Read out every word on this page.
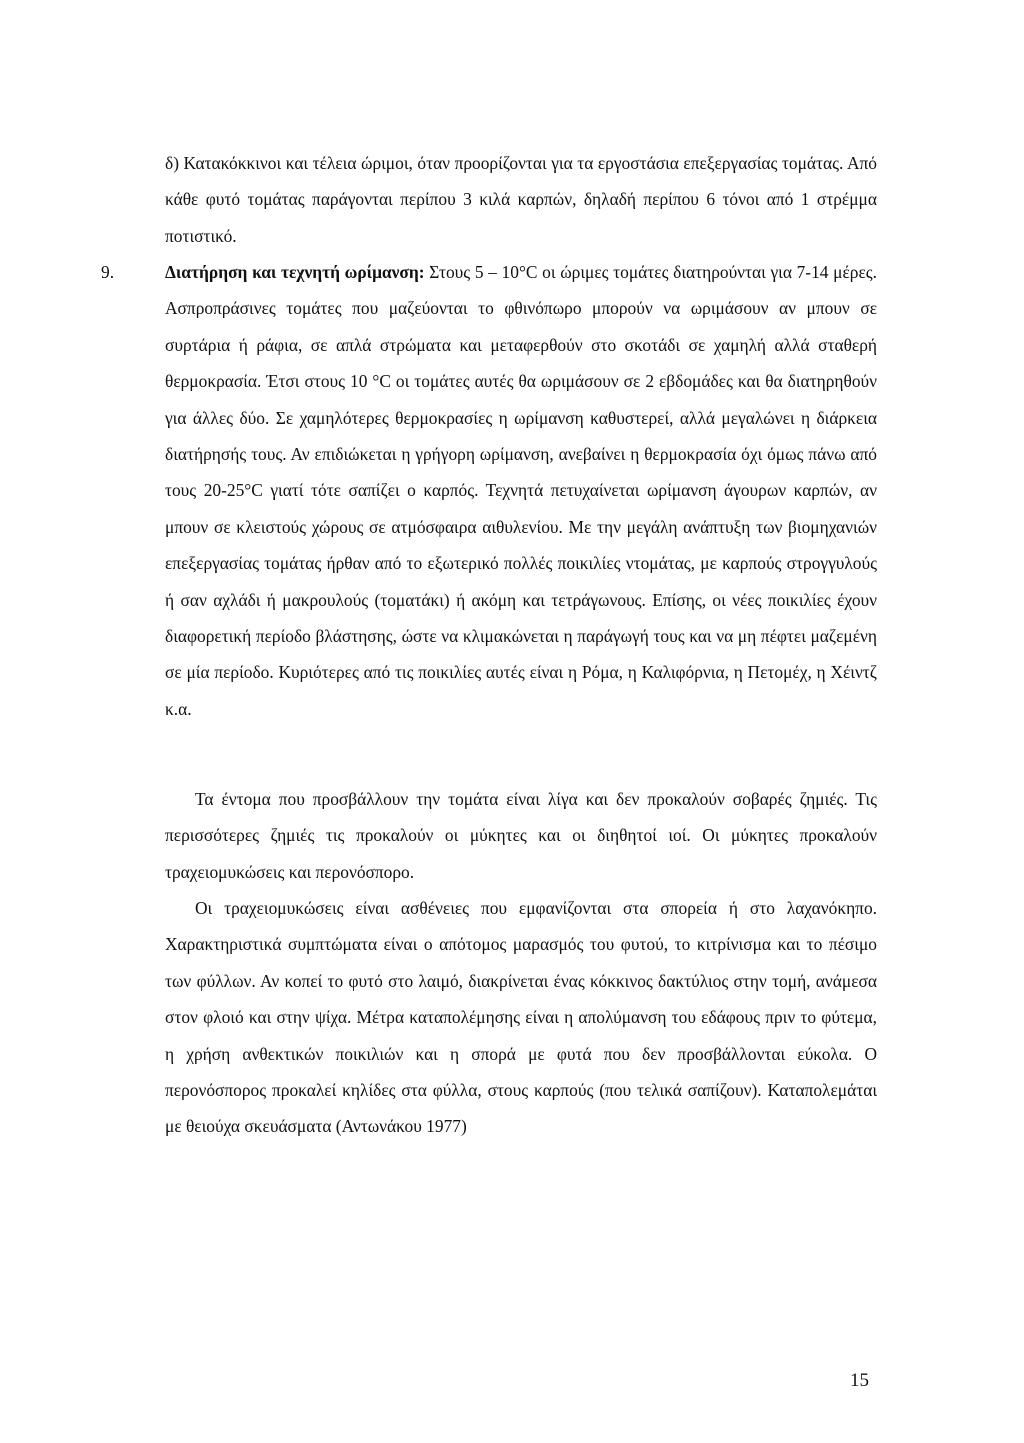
δ) Κατακόκκινοι και τέλεια ώριμοι, όταν προορίζονται για τα εργοστάσια επεξεργασίας τομάτας. Από κάθε φυτό τομάτας παράγονται περίπου 3 κιλά καρπών, δηλαδή περίπου 6 τόνοι από 1 στρέμμα ποτιστικό.

9.	Διατήρηση και τεχνητή ωρίμανση: Στους 5 – 10°C οι ώριμες τομάτες διατηρούνται για 7-14 μέρες. Ασπροπράσινες τομάτες που μαζεύονται το φθινόπωρο μπορούν να ωριμάσουν αν μπουν σε συρτάρια ή ράφια, σε απλά στρώματα και μεταφερθούν στο σκοτάδι σε χαμηλή αλλά σταθερή θερμοκρασία. Έτσι στους 10 °C οι τομάτες αυτές θα ωριμάσουν σε 2 εβδομάδες και θα διατηρηθούν για άλλες δύο. Σε χαμηλότερες θερμοκρασίες η ωρίμανση καθυστερεί, αλλά μεγαλώνει η διάρκεια διατήρησής τους. Αν επιδιώκεται η γρήγορη ωρίμανση, ανεβαίνει η θερμοκρασία όχι όμως πάνω από τους 20-25°C γιατί τότε σαπίζει ο καρπός. Τεχνητά πετυχαίνεται ωρίμανση άγουρων καρπών, αν μπουν σε κλειστούς χώρους σε ατμόσφαιρα αιθυλενίου. Με την μεγάλη ανάπτυξη των βιομηχανιών επεξεργασίας τομάτας ήρθαν από το εξωτερικό πολλές ποικιλίες ντομάτας, με καρπούς στρογγυλούς ή σαν αχλάδι ή μακρουλούς (τοματάκι) ή ακόμη και τετράγωνους. Επίσης, οι νέες ποικιλίες έχουν διαφορετική περίοδο βλάστησης, ώστε να κλιμακώνεται η παράγωγή τους και να μη πέφτει μαζεμένη σε μία περίοδο. Κυριότερες από τις ποικιλίες αυτές είναι η Ρόμα, η Καλιφόρνια, η Πετομέχ, η Χέιντζ κ.α.

Τα έντομα που προσβάλλουν την τομάτα είναι λίγα και δεν προκαλούν σοβαρές ζημιές. Τις περισσότερες ζημιές τις προκαλούν οι μύκητες και οι διηθητοί ιοί. Οι μύκητες προκαλούν τραχειομυκώσεις και περονόσπορο.

Οι τραχειομυκώσεις είναι ασθένειες που εμφανίζονται στα σπορεία ή στο λαχανόκηπο. Χαρακτηριστικά συμπτώματα είναι ο απότομος μαρασμός του φυτού, το κιτρίνισμα και το πέσιμο των φύλλων. Αν κοπεί το φυτό στο λαιμό, διακρίνεται ένας κόκκινος δακτύλιος στην τομή, ανάμεσα στον φλοιό και στην ψίχα. Μέτρα καταπολέμησης είναι η απολύμανση του εδάφους πριν το φύτεμα, η χρήση ανθεκτικών ποικιλιών και η σπορά με φυτά που δεν προσβάλλονται εύκολα. Ο περονόσπορος προκαλεί κηλίδες στα φύλλα, στους καρπούς (που τελικά σαπίζουν). Καταπολεμάται με θειούχα σκευάσματα (Αντωνάκου 1977)

15
